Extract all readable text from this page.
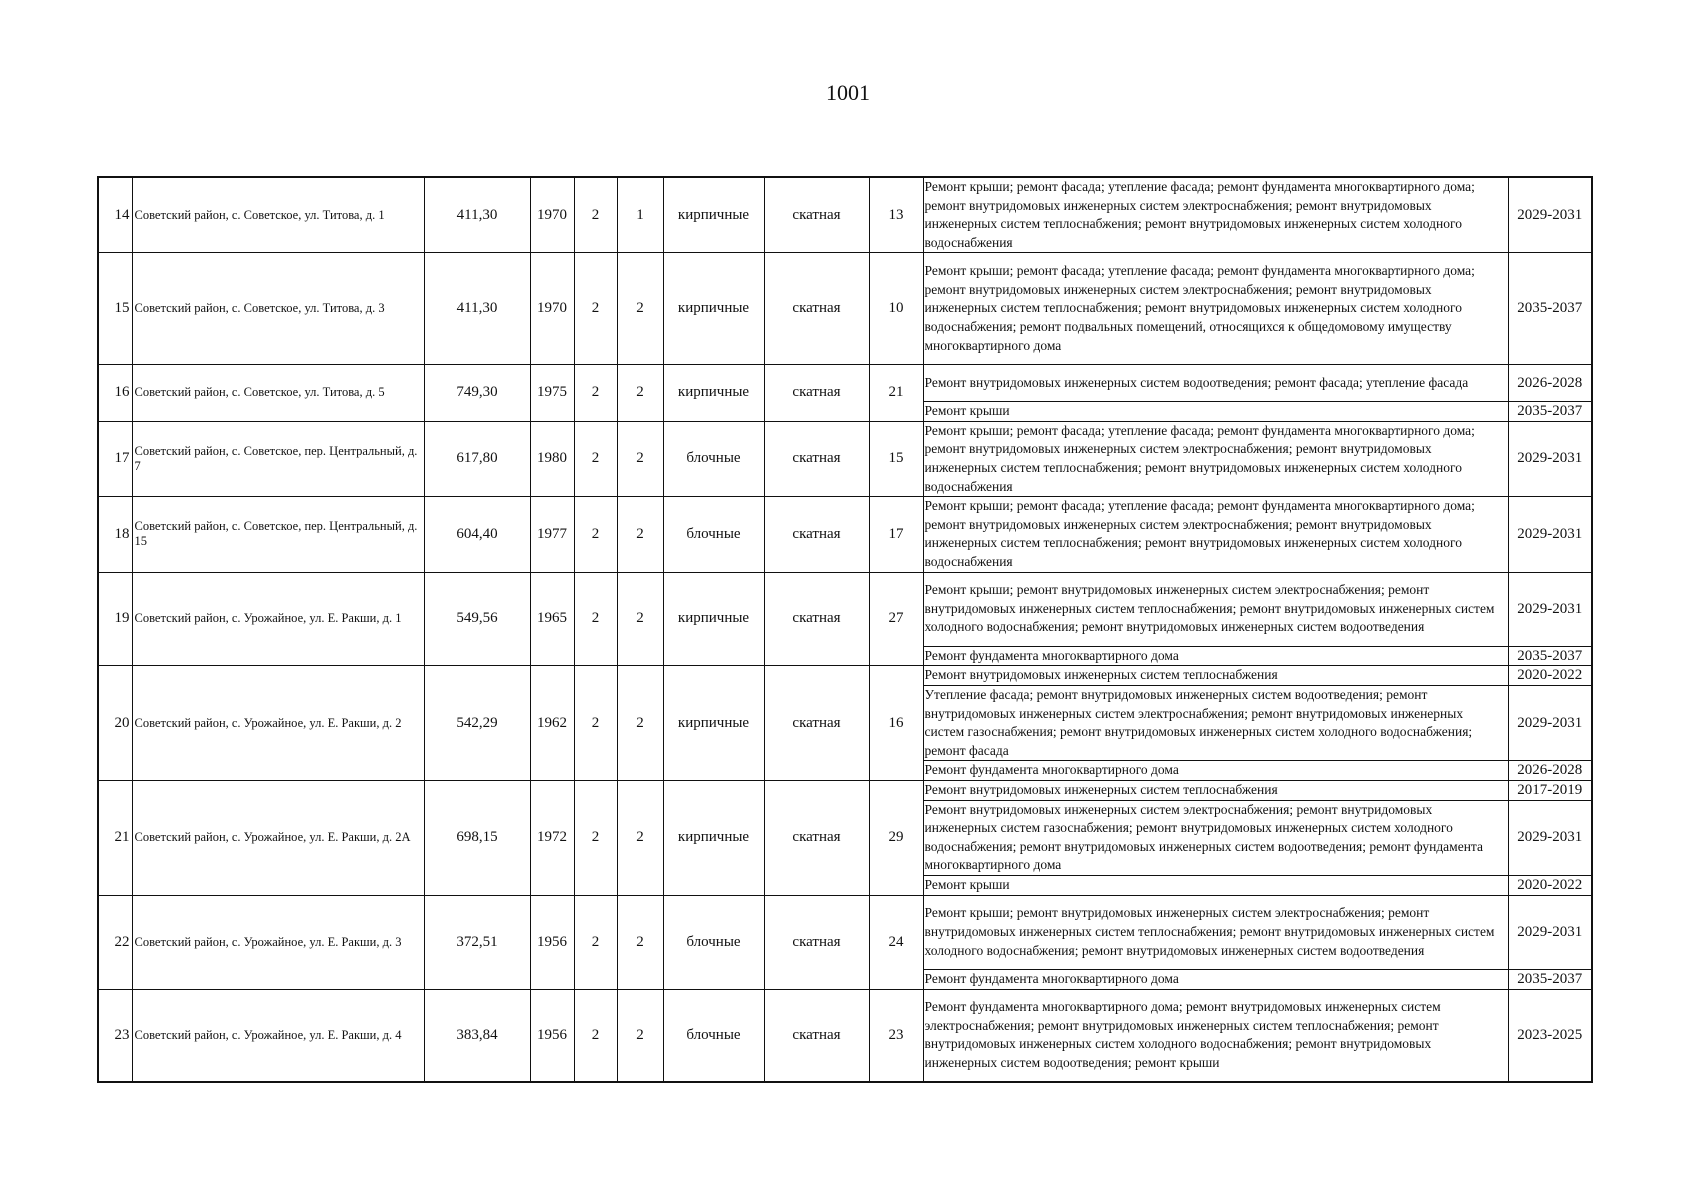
1001
14	Советский район, с. Советское, ул. Титова, д. 1	411,30	1970	2	1	кирпичные	скатная	13	Ремонт крыши; ремонт фасада; утепление фасада; ремонт фундамента многоквартирного дома; ремонт внутридомовых инженерных систем электроснабжения; ремонт внутридомовых инженерных систем теплоснабжения; ремонт внутридомовых инженерных систем холодного водоснабжения	2029-2031
15	Советский район, с. Советское, ул. Титова, д. 3	411,30	1970	2	2	кирпичные	скатная	10	Ремонт крыши; ремонт фасада; утепление фасада; ремонт фундамента многоквартирного дома; ремонт внутридомовых инженерных систем электроснабжения; ремонт внутридомовых инженерных систем теплоснабжения; ремонт внутридомовых инженерных систем холодного водоснабжения; ремонт подвальных помещений, относящихся к общедомовому имуществу многоквартирного дома	2035-2037
16	Советский район, с. Советское, ул. Титова, д. 5	749,30	1975	2	2	кирпичные	скатная	21	Ремонт внутридомовых инженерных систем водоотведения; ремонт фасада; утепление фасада	2026-2028
									Ремонт крыши	2035-2037
17	Советский район, с. Советское, пер. Центральный, д. 7	617,80	1980	2	2	блочные	скатная	15	Ремонт крыши; ремонт фасада; утепление фасада; ремонт фундамента многоквартирного дома; ремонт внутридомовых инженерных систем электроснабжения; ремонт внутридомовых инженерных систем теплоснабжения; ремонт внутридомовых инженерных систем холодного водоснабжения	2029-2031
18	Советский район, с. Советское, пер. Центральный, д. 15	604,40	1977	2	2	блочные	скатная	17	Ремонт крыши; ремонт фасада; утепление фасада; ремонт фундамента многоквартирного дома; ремонт внутридомовых инженерных систем электроснабжения; ремонт внутридомовых инженерных систем теплоснабжения; ремонт внутридомовых инженерных систем холодного водоснабжения	2029-2031
19	Советский район, с. Урожайное, ул. Е. Ракши, д. 1	549,56	1965	2	2	кирпичные	скатная	27	Ремонт крыши; ремонт внутридомовых инженерных систем электроснабжения; ремонт внутридомовых инженерных систем теплоснабжения; ремонт внутридомовых инженерных систем холодного водоснабжения; ремонт внутридомовых инженерных систем водоотведения	2029-2031
									Ремонт фундамента многоквартирного дома	2035-2037
20	Советский район, с. Урожайное, ул. Е. Ракши, д. 2	542,29	1962	2	2	кирпичные	скатная	16	Ремонт внутридомовых инженерных систем теплоснабжения	2020-2022
									Утепление фасада; ремонт внутридомовых инженерных систем водоотведения; ремонт внутридомовых инженерных систем электроснабжения; ремонт внутридомовых инженерных систем газоснабжения; ремонт внутридомовых инженерных систем холодного водоснабжения; ремонт фасада	2029-2031
									Ремонт фундамента многоквартирного дома	2026-2028
21	Советский район, с. Урожайное, ул. Е. Ракши, д. 2А	698,15	1972	2	2	кирпичные	скатная	29	Ремонт внутридомовых инженерных систем теплоснабжения	2017-2019
									Ремонт внутридомовых инженерных систем электроснабжения; ремонт внутридомовых инженерных систем газоснабжения; ремонт внутридомовых инженерных систем холодного водоснабжения; ремонт внутридомовых инженерных систем водоотведения; ремонт фундамента многоквартирного дома	2029-2031
									Ремонт крыши	2020-2022
22	Советский район, с. Урожайное, ул. Е. Ракши, д. 3	372,51	1956	2	2	блочные	скатная	24	Ремонт крыши; ремонт внутридомовых инженерных систем электроснабжения; ремонт внутридомовых инженерных систем теплоснабжения; ремонт внутридомовых инженерных систем холодного водоснабжения; ремонт внутридомовых инженерных систем водоотведения	2029-2031
									Ремонт фундамента многоквартирного дома	2035-2037
23	Советский район, с. Урожайное, ул. Е. Ракши, д. 4	383,84	1956	2	2	блочные	скатная	23	Ремонт фундамента многоквартирного дома; ремонт внутридомовых инженерных систем электроснабжения; ремонт внутридомовых инженерных систем теплоснабжения; ремонт внутридомовых инженерных систем холодного водоснабжения; ремонт внутридомовых инженерных систем водоотведения; ремонт крыши	2023-2025
